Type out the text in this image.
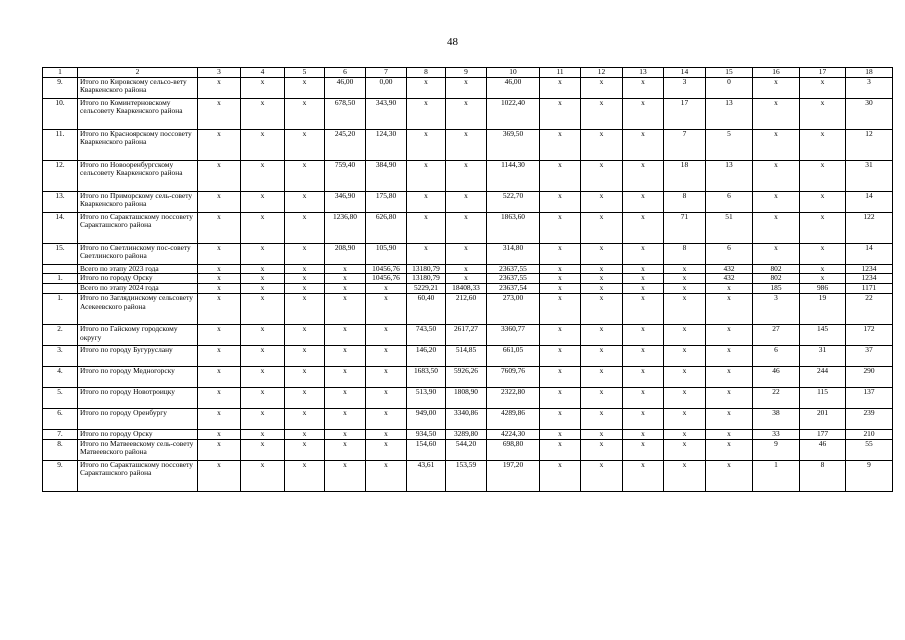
48
1	2	3	4	5	6	7	8	9	10	11	12	13	14	15	16	17	18
9.	Итого по Кировскому сельсо-вету Кваркенского района	х	х	х	46,00	0,00	х	х	46,00	х	х	х	3	0	х	х	3
10.	Итого по Коминтерновскому сельсовету Кваркенского района	х	х	х	678,50	343,90	х	х	1022,40	х	х	х	17	13	х	х	30
11.	Итого по Красноярскому поссовету Кваркенского района	х	х	х	245,20	124,30	х	х	369,50	х	х	х	7	5	х	х	12
12.	Итого по Новооренбургскому сельсовету Кваркенского района	х	х	х	759,40	384,90	х	х	1144,30	х	х	х	18	13	х	х	31
13.	Итого по Приморскому сель-совету Кваркенского района	х	х	х	346,90	175,80	х	х	522,70	х	х	х	8	6	х	х	14
14.	Итого по Саракташскому поссовету Саракташского района	х	х	х	1236,80	626,80	х	х	1863,60	х	х	х	71	51	х	х	122
15.	Итого по Светлинскому пос-совету Светлинского района	х	х	х	208,90	105,90	х	х	314,80	х	х	х	8	6	х	х	14
	Всего по этапу 2023 года	х	х	х	х	10456,76	13180,79	х	23637,55	х	х	х	х	432	802	х	1234
1.	Итого по городу Орску	х	х	х	х	10456,76	13180,79	х	23637,55	х	х	х	х	432	802	х	1234
	Всего по этапу 2024 года	х	х	х	х	х	5229,21	18408,33	23637,54	х	х	х	х	х	185	986	1171
1.	Итого по Заглядинскому сельсовету Асекеевского района	х	х	х	х	х	60,40	212,60	273,00	х	х	х	х	х	3	19	22
2.	Итого по Гайскому городскому округу	х	х	х	х	х	743,50	2617,27	3360,77	х	х	х	х	х	27	145	172
3.	Итого по городу Бугуруслану	х	х	х	х	х	146,20	514,85	661,05	х	х	х	х	х	6	31	37
4.	Итого по городу Медногорску	х	х	х	х	х	1683,50	5926,26	7609,76	х	х	х	х	х	46	244	290
5.	Итого по городу Новотроицку	х	х	х	х	х	513,90	1808,90	2322,80	х	х	х	х	х	22	115	137
6.	Итого по городу Оренбургу	х	х	х	х	х	949,00	3340,86	4289,86	х	х	х	х	х	38	201	239
7.	Итого по городу Орску	х	х	х	х	х	934,50	3289,80	4224,30	х	х	х	х	х	33	177	210
8.	Итого по Матвеевскому сель-совету Матвеевского района	х	х	х	х	х	154,60	544,20	698,80	х	х	х	х	х	9	46	55
9.	Итого по Саракташскому поссовету Саракташского района	х	х	х	х	х	43,61	153,59	197,20	х	х	х	х	х	1	8	9
